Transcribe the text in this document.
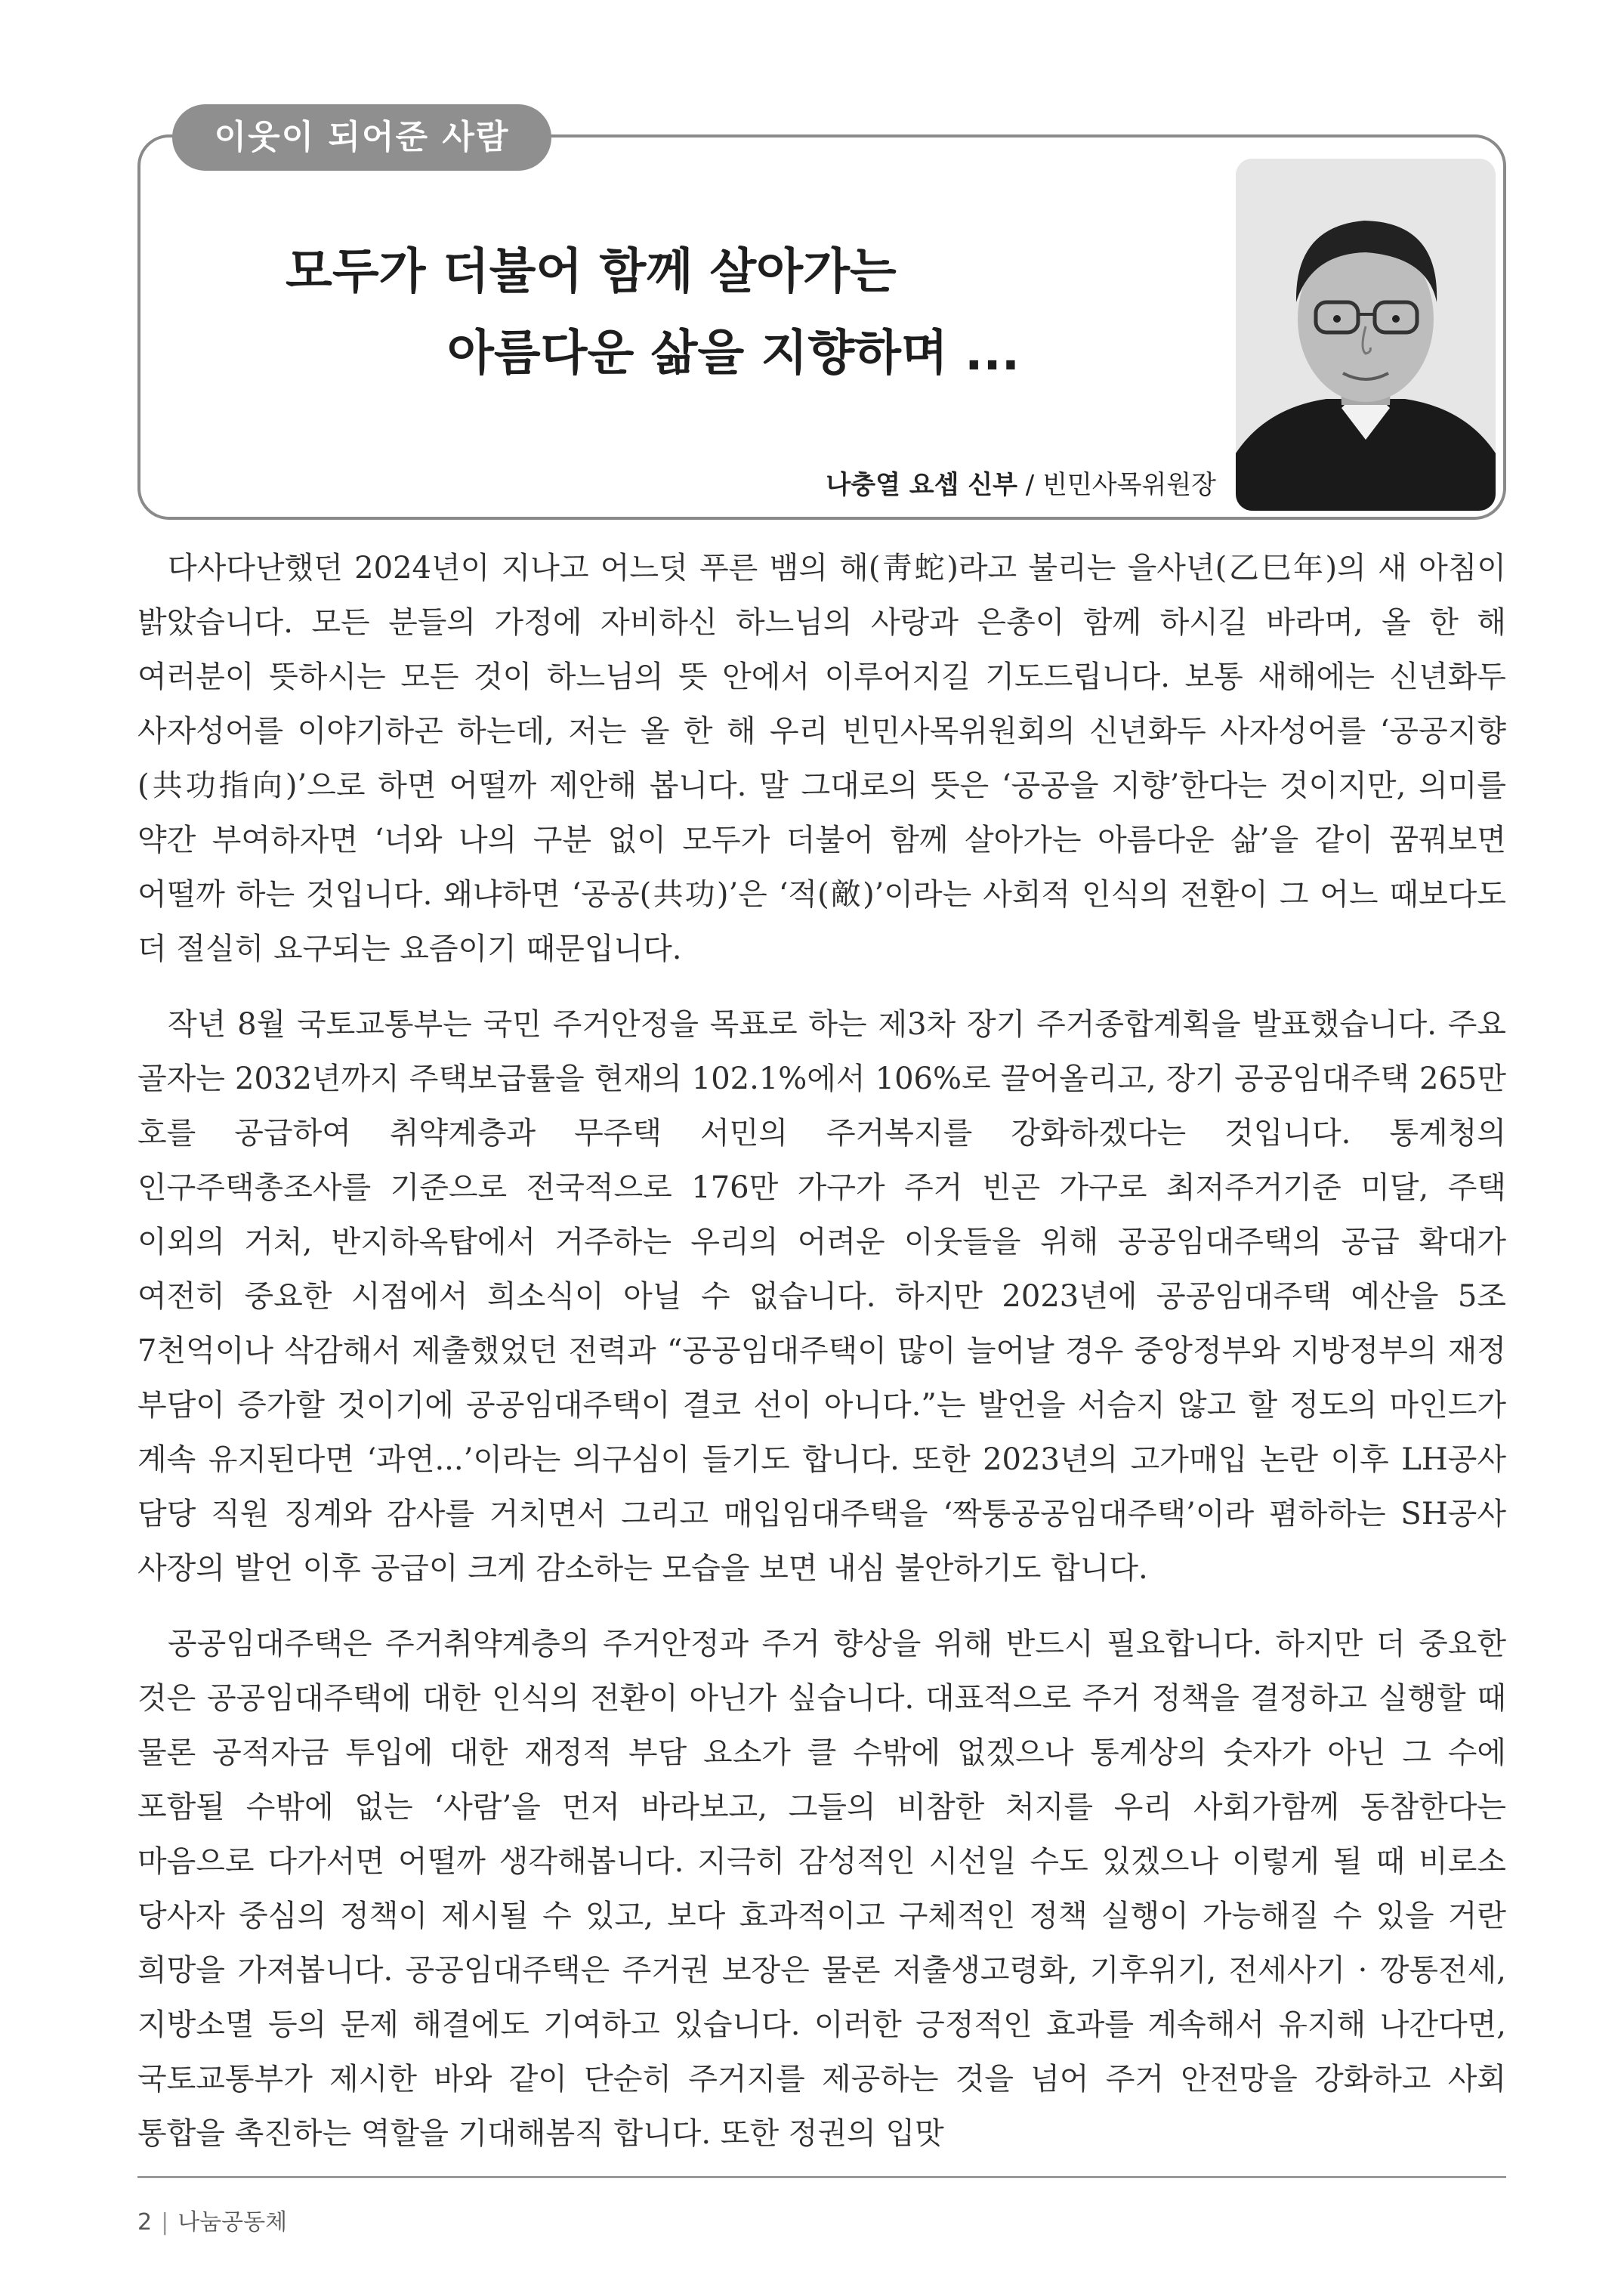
이웃이 되어준 사람
모두가 더불어 함께 살아가는
아름다운 삶을 지향하며 ...
나충열 요셉 신부 / 빈민사목위원장

다사다난했던 2024년이 지나고 어느덧 푸른 뱀의 해(靑蛇)라고 불리는 을사년(乙巳年)의 새 아침이 밝았습니다. 모든 분들의 가정에 자비하신 하느님의 사랑과 은총이 함께 하시길 바라며, 올 한 해 여러분이 뜻하시는 모든 것이 하느님의 뜻 안에서 이루어지길 기도드립니다. 보통 새해에는 신년화두 사자성어를 이야기하곤 하는데, 저는 올 한 해 우리 빈민사목위원회의 신년화두 사자성어를 ‘공공지향(共功指向)’으로 하면 어떨까 제안해 봅니다. 말 그대로의 뜻은 ‘공공을 지향’한다는 것이지만, 의미를 약간 부여하자면 ‘너와 나의 구분 없이 모두가 더불어 함께 살아가는 아름다운 삶’을 같이 꿈꿔보면 어떨까 하는 것입니다. 왜냐하면 ‘공공(共功)’은 ‘적(敵)’이라는 사회적 인식의 전환이 그 어느 때보다도 더 절실히 요구되는 요즘이기 때문입니다.

작년 8월 국토교통부는 국민 주거안정을 목표로 하는 제3차 장기 주거종합계획을 발표했습니다. 주요 골자는 2032년까지 주택보급률을 현재의 102.1%에서 106%로 끌어올리고, 장기 공공임대주택 265만 호를 공급하여 취약계층과 무주택 서민의 주거복지를 강화하겠다는 것입니다. 통계청의 인구주택총조사를 기준으로 전국적으로 176만 가구가 주거 빈곤 가구로 최저주거기준 미달, 주택 이외의 거처, 반지하옥탑에서 거주하는 우리의 어려운 이웃들을 위해 공공임대주택의 공급 확대가 여전히 중요한 시점에서 희소식이 아닐 수 없습니다. 하지만 2023년에 공공임대주택 예산을 5조 7천억이나 삭감해서 제출했었던 전력과 “공공임대주택이 많이 늘어날 경우 중앙정부와 지방정부의 재정 부담이 증가할 것이기에 공공임대주택이 결코 선이 아니다.”는 발언을 서슴지 않고 할 정도의 마인드가 계속 유지된다면 ‘과연...’이라는 의구심이 들기도 합니다. 또한 2023년의 고가매입 논란 이후 LH공사 담당 직원 징계와 감사를 거치면서 그리고 매입임대주택을 ‘짝퉁공공임대주택’이라 폄하하는 SH공사 사장의 발언 이후 공급이 크게 감소하는 모습을 보면 내심 불안하기도 합니다.

공공임대주택은 주거취약계층의 주거안정과 주거 향상을 위해 반드시 필요합니다. 하지만 더 중요한 것은 공공임대주택에 대한 인식의 전환이 아닌가 싶습니다. 대표적으로 주거 정책을 결정하고 실행할 때 물론 공적자금 투입에 대한 재정적 부담 요소가 클 수밖에 없겠으나 통계상의 숫자가 아닌 그 수에 포함될 수밖에 없는 ‘사람’을 먼저 바라보고, 그들의 비참한 처지를 우리 사회가함께 동참한다는 마음으로 다가서면 어떨까 생각해봅니다. 지극히 감성적인 시선일 수도 있겠으나 이렇게 될 때 비로소 당사자 중심의 정책이 제시될 수 있고, 보다 효과적이고 구체적인 정책 실행이 가능해질 수 있을 거란 희망을 가져봅니다. 공공임대주택은 주거권 보장은 물론 저출생고령화, 기후위기, 전세사기 · 깡통전세, 지방소멸 등의 문제 해결에도 기여하고 있습니다. 이러한 긍정적인 효과를 계속해서 유지해 나간다면, 국토교통부가 제시한 바와 같이 단순히 주거지를 제공하는 것을 넘어 주거 안전망을 강화하고 사회 통합을 촉진하는 역할을 기대해봄직 합니다. 또한 정권의 입맛

2 | 나눔공동체
